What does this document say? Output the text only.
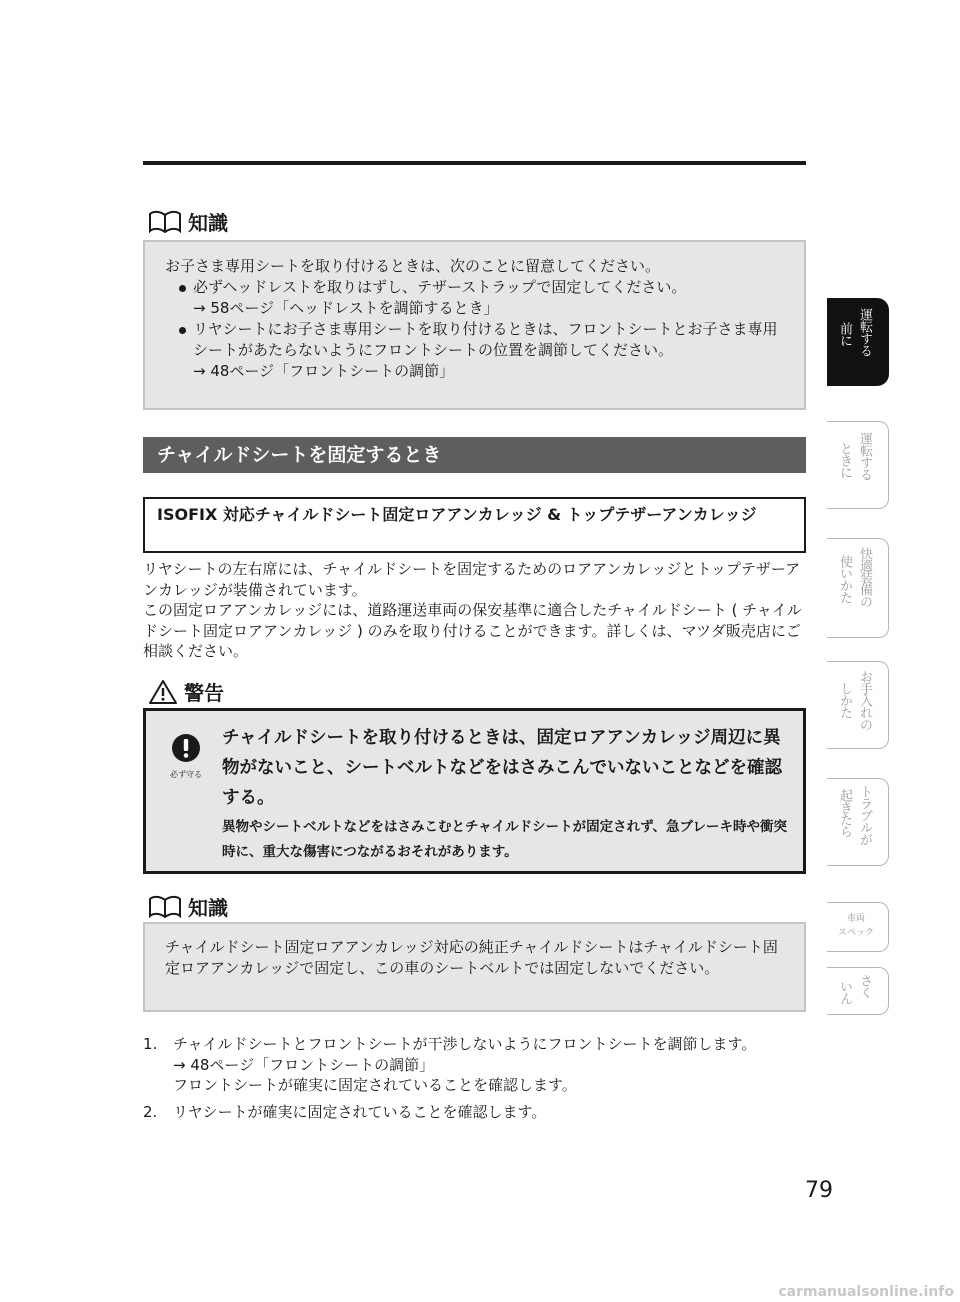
知識

お子さま専用シートを取り付けるときは、次のことに留意してください。

必ずヘッドレストを取りはずし、テザーストラップで固定してください。
→ 58ページ「ヘッドレストを調節するとき」

リヤシートにお子さま専用シートを取り付けるときは、フロントシートとお子さま専用シートがあたらないようにフロントシートの位置を調節してください。
→ 48ページ「フロントシートの調節」

チャイルドシートを固定するとき
ISOFIX 対応チャイルドシート固定ロアアンカレッジ & トップテザーアンカレッジ
リヤシートの左右席には、チャイルドシートを固定するためのロアアンカレッジとトップテザーアンカレッジが装備されています。
この固定ロアアンカレッジには、道路運送車両の保安基準に適合したチャイルドシート ( チャイルドシート固定ロアアンカレッジ ) のみを取り付けることができます。詳しくは、マツダ販売店にご相談ください。
警告
必ず守る

チャイルドシートを取り付けるときは、固定ロアアンカレッジ周辺に異物がないこと、シートベルトなどをはさみこんでいないことなどを確認する。

異物やシートベルトなどをはさみこむとチャイルドシートが固定されず、急ブレーキ時や衝突時に、重大な傷害につながるおそれがあります。

知識

チャイルドシート固定ロアアンカレッジ対応の純正チャイルドシートはチャイルドシート固定ロアアンカレッジで固定し、この車のシートベルトでは固定しないでください。

1. チャイルドシートとフロントシートが干渉しないようにフロントシートを調節します。
→ 48ページ「フロントシートの調節」
フロントシートが確実に固定されていることを確認します。
2. リヤシートが確実に固定されていることを確認します。
79
carmanualsonline.info
運転する
前に
運転する
ときに
快適装備の
使いかた
お手入れの
しかた
トラブルが
起きたら
車両
スペック
さく
いん
